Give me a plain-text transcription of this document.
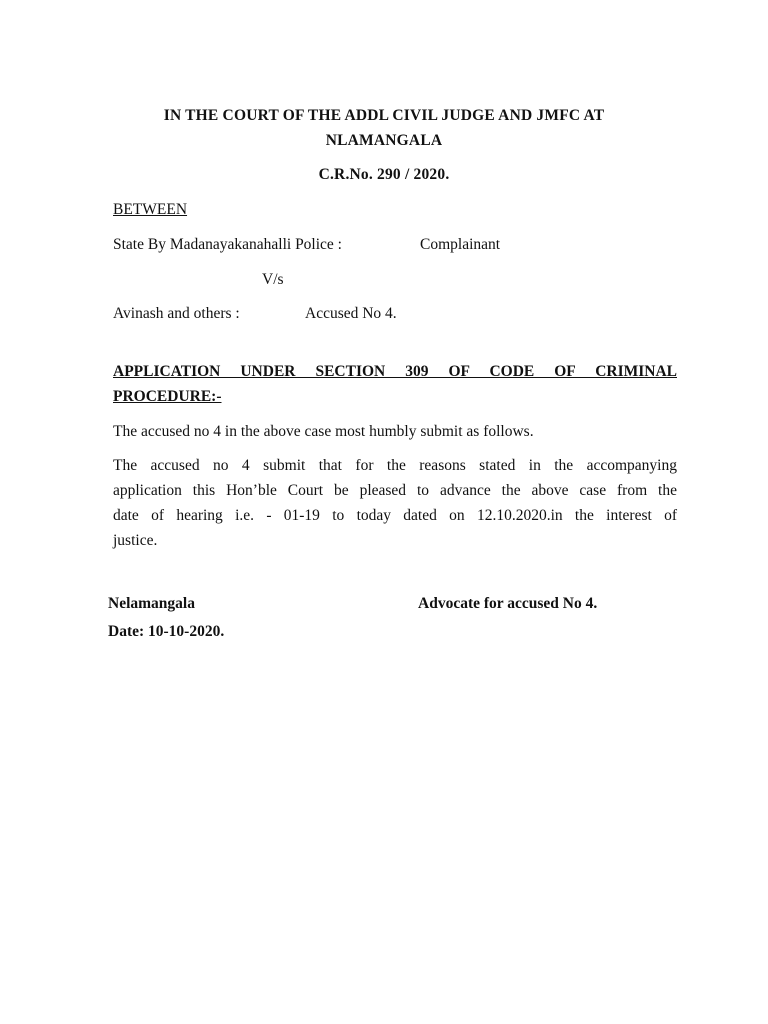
IN THE COURT OF THE ADDL CIVIL JUDGE AND JMFC AT
NLAMANGALA
C.R.No. 290 / 2020.
BETWEEN
State By Madanayakanahalli Police :	Complainant
V/s
Avinash and others :	Accused No 4.
APPLICATION UNDER SECTION 309 OF CODE OF CRIMINAL
PROCEDURE:-
The accused no 4 in the above case most humbly submit as follows.
The accused no 4 submit that for the reasons stated in the accompanying
application this Hon’ble Court be pleased to advance the above case from the
date of hearing i.e. - 01-19 to today dated on 12.10.2020.in the interest of
justice.
Nelamangala	Advocate for accused No 4.
Date: 10-10-2020.
